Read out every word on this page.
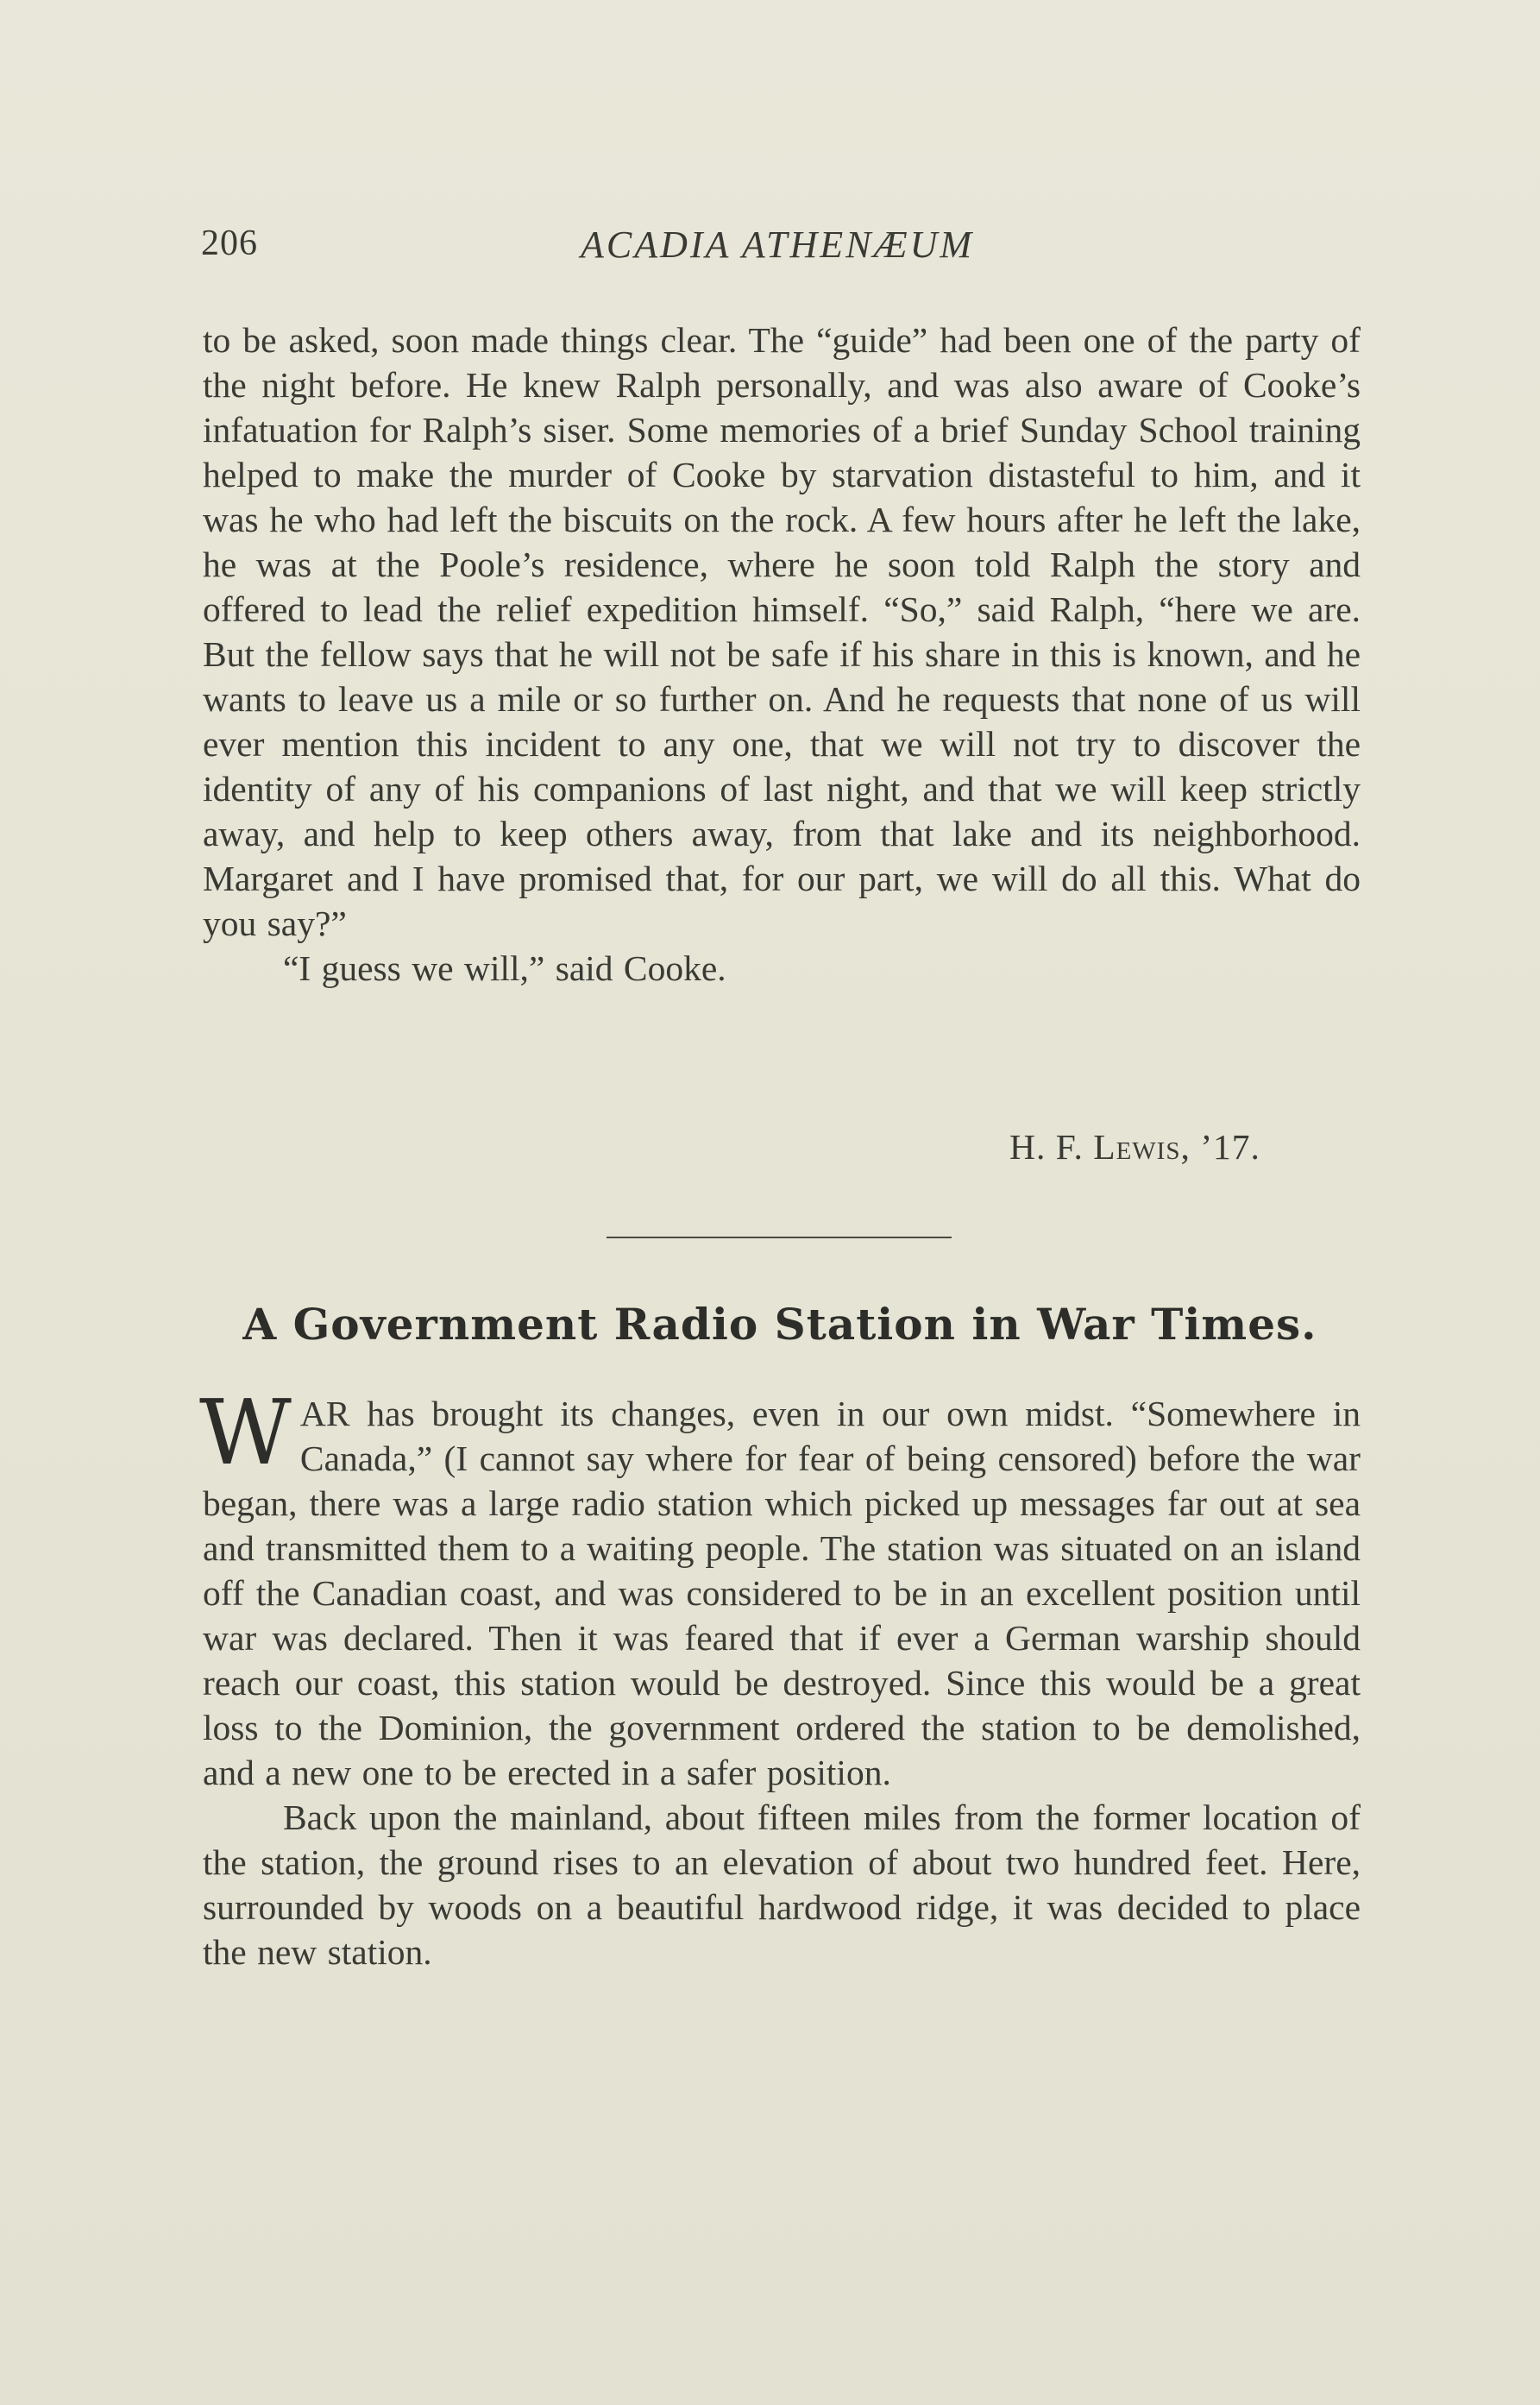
206	ACADIA ATHENÆUM

to be asked, soon made things clear. The “guide” had been one of the party of the night before. He knew Ralph personally, and was also aware of Cooke’s infatuation for Ralph’s siser. Some memories of a brief Sunday School training helped to make the murder of Cooke by starvation distasteful to him, and it was he who had left the biscuits on the rock. A few hours after he left the lake, he was at the Poole’s residence, where he soon told Ralph the story and offered to lead the relief expedition himself. “So,” said Ralph, “here we are. But the fellow says that he will not be safe if his share in this is known, and he wants to leave us a mile or so further on. And he requests that none of us will ever mention this incident to any one, that we will not try to discover the identity of any of his companions of last night, and that we will keep strictly away, and help to keep others away, from that lake and its neighborhood. Margaret and I have promised that, for our part, we will do all this. What do you say?”

“I guess we will,” said Cooke.

H. F. Lewis, ’17.
A Government Radio Station in War Times.

WAR has brought its changes, even in our own midst. “Somewhere in Canada,” (I cannot say where for fear of being censored) before the war began, there was a large radio station which picked up messages far out at sea and transmitted them to a waiting people. The station was situated on an island off the Canadian coast, and was considered to be in an excellent position until war was declared. Then it was feared that if ever a German warship should reach our coast, this station would be destroyed. Since this would be a great loss to the Dominion, the government ordered the station to be demolished, and a new one to be erected in a safer position.

Back upon the mainland, about fifteen miles from the former location of the station, the ground rises to an elevation of about two hundred feet. Here, surrounded by woods on a beautiful hardwood ridge, it was decided to place the new station.
